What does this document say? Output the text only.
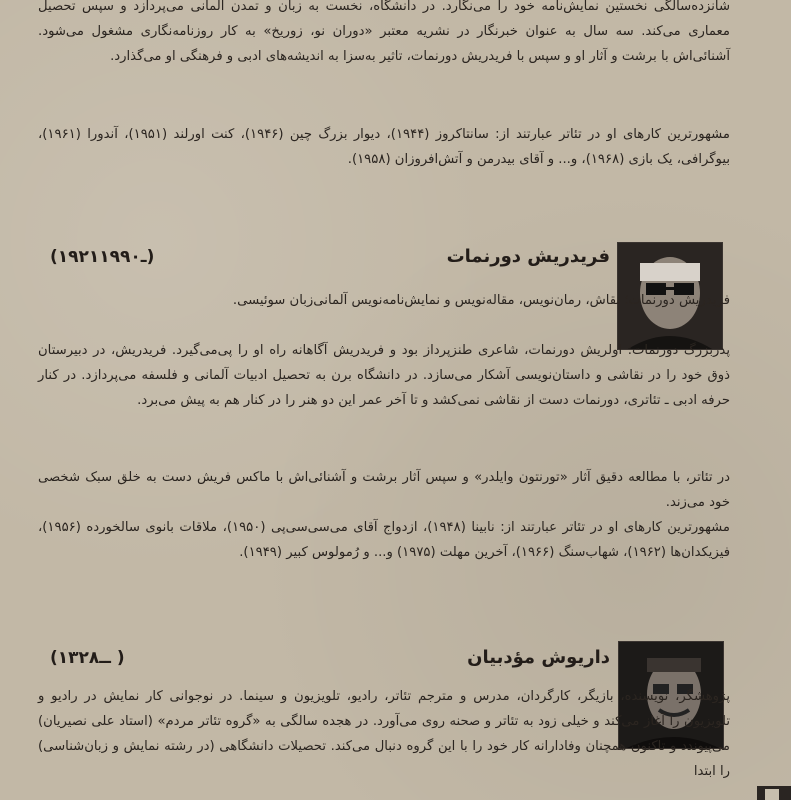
شانزده‌سالگی نخستین نمایش‌نامه خود را می‌نگارد. در دانشگاه، نخست به زبان و تمدن آلمانی می‌پردازد و سپس تحصیل معماری می‌کند. سه سال به عنوان خبرنگار در نشریه معتبر «دوران نو، زوریخ» به کار روزنامه‌نگاری مشغول می‌شود. آشنائی‌اش با برشت و آثار او و سپس با فریدریش دورنمات، تاثیر به‌سزا به اندیشه‌های ادبی و فرهنگی او می‌گذارد.

مشهورترین کارهای او در تئاتر عبارتند از: سانتاکروز (۱۹۴۴)، دیوار بزرگ چین (۱۹۴۶)، کنت اورلند (۱۹۵۱)، آندورا (۱۹۶۱)، بیوگرافی، یک بازی (۱۹۶۸)، و... و آقای بیدرمن و آتش‌افروزان (۱۹۵۸).

فریدریش دورنمات
(۱۹۲۱ـ۱۹۹۰)

فریدریش دورنمات؛ نقاش، رمان‌نویس، مقاله‌نویس و نمایش‌نامه‌نویس آلمانی‌زبان سوئیسی.

پدربزرگ دورنمات؛ اولریش دورنمات، شاعری طنزپرداز بود و فریدریش آگاهانه راه او را پی‌می‌گیرد. فریدریش، در دبیرستان ذوق خود را در نقاشی و داستان‌نویسی آشکار می‌سازد. در دانشگاه برن به تحصیل ادبیات آلمانی و فلسفه می‌پردازد. در کنار حرفه ادبی ـ تئاتری، دورنمات دست از نقاشی نمی‌کشد و تا آخر عمر این دو هنر را در کنار هم به پیش می‌برد.

در تئاتر، با مطالعه دقیق آثار «تورنتون وایلدر» و سپس آثار برشت و آشنائی‌اش با ماکس فریش دست به خلق سبک شخصی خود می‌زند.

مشهورترین کارهای او در تئاتر عبارتند از: نابینا (۱۹۴۸)، ازدواج آقای می‌سی‌سی‌پی (۱۹۵۰)، ملاقات بانوی سالخورده (۱۹۵۶)، فیزیکدان‌ها (۱۹۶۲)، شهاب‌سنگ (۱۹۶۶)، آخرین مهلت (۱۹۷۵) و... و رُمولوس کبیر (۱۹۴۹).

داریوش مؤدبیان
(۱۳۲۸ــ )

پژوهشگر، نویسنده، بازیگر، کارگردان، مدرس و مترجم تئاتر، رادیو، تلویزیون و سینما. در نوجوانی کار نمایش در رادیو و تلویزیون را آغاز می‌کند و خیلی زود به تئاتر و صحنه روی می‌آورد. در هجده سالگی به «گروه تئاتر مردم» (استاد علی نصیریان) می‌پیوندد و تاکنون همچنان وفادارانه کار خود را با این گروه دنبال می‌کند. تحصیلات دانشگاهی (در رشته نمایش و زبان‌شناسی) را ابتدا
